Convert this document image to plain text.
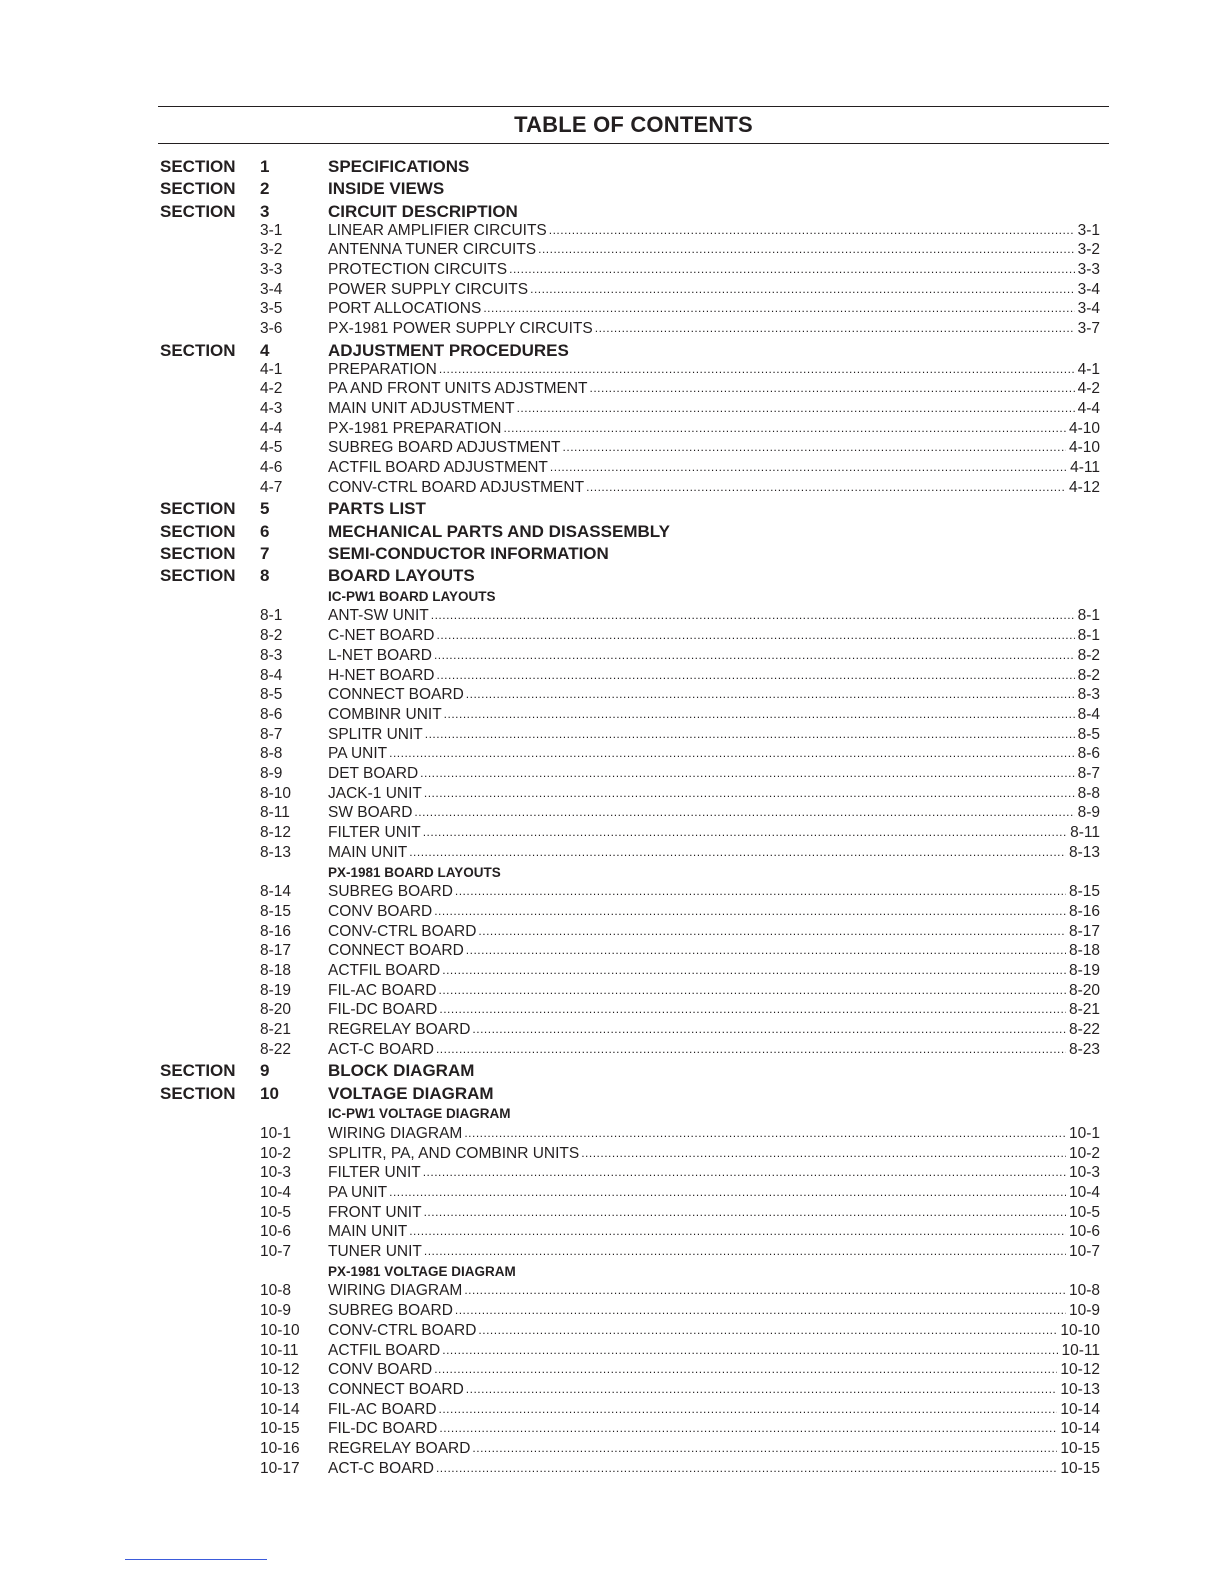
TABLE OF CONTENTS
SECTION 1	SPECIFICATIONS
SECTION 2	INSIDE VIEWS
SECTION 3	CIRCUIT DESCRIPTION
3-1	LINEAR AMPLIFIER CIRCUITS .....	3-1
3-2	ANTENNA TUNER CIRCUITS .....	3-2
3-3	PROTECTION CIRCUITS .....	3-3
3-4	POWER SUPPLY CIRCUITS .....	3-4
3-5	PORT ALLOCATIONS .....	3-4
3-6	PX-1981 POWER SUPPLY CIRCUITS .....	3-7
SECTION 4	ADJUSTMENT PROCEDURES
4-1	PREPARATION .....	4-1
4-2	PA AND FRONT UNITS ADJSTMENT .....	4-2
4-3	MAIN UNIT ADJUSTMENT .....	4-4
4-4	PX-1981 PREPARATION .....	4-10
4-5	SUBREG BOARD ADJUSTMENT .....	4-10
4-6	ACTFIL BOARD ADJUSTMENT .....	4-11
4-7	CONV-CTRL BOARD ADJUSTMENT .....	4-12
SECTION 5	PARTS LIST
SECTION 6	MECHANICAL PARTS AND DISASSEMBLY
SECTION 7	SEMI-CONDUCTOR INFORMATION
SECTION 8	BOARD LAYOUTS
IC-PW1 BOARD LAYOUTS
8-1	ANT-SW UNIT .....	8-1
8-2	C-NET BOARD .....	8-1
8-3	L-NET BOARD .....	8-2
8-4	H-NET BOARD .....	8-2
8-5	CONNECT BOARD .....	8-3
8-6	COMBINR UNIT .....	8-4
8-7	SPLITR UNIT .....	8-5
8-8	PA UNIT .....	8-6
8-9	DET BOARD .....	8-7
8-10 JACK-1 UNIT .....	8-8
8-11 SW BOARD .....	8-9
8-12 FILTER UNIT .....	8-11
8-13 MAIN UNIT .....	8-13
PX-1981 BOARD LAYOUTS
8-14 SUBREG BOARD .....	8-15
8-15 CONV BOARD .....	8-16
8-16 CONV-CTRL BOARD .....	8-17
8-17 CONNECT BOARD .....	8-18
8-18 ACTFIL BOARD .....	8-19
8-19 FIL-AC BOARD .....	8-20
8-20 FIL-DC BOARD .....	8-21
8-21 REGRELAY BOARD .....	8-22
8-22 ACT-C BOARD .....	8-23
SECTION 9	BLOCK DIAGRAM
SECTION 10	VOLTAGE DIAGRAM
IC-PW1 VOLTAGE DIAGRAM
10-1 WIRING DIAGRAM .....	10-1
10-2 SPLITR, PA, AND COMBINR UNITS .....	10-2
10-3 FILTER UNIT .....	10-3
10-4 PA UNIT .....	10-4
10-5 FRONT UNIT .....	10-5
10-6 MAIN UNIT .....	10-6
10-7 TUNER UNIT .....	10-7
PX-1981 VOLTAGE DIAGRAM
10-8 WIRING DIAGRAM .....	10-8
10-9 SUBREG BOARD .....	10-9
10-10 CONV-CTRL BOARD .....	10-10
10-11 ACTFIL BOARD .....	10-11
10-12 CONV BOARD .....	10-12
10-13 CONNECT BOARD .....	10-13
10-14 FIL-AC BOARD .....	10-14
10-15 FIL-DC BOARD .....	10-14
10-16 REGRELAY BOARD .....	10-15
10-17 ACT-C BOARD .....	10-15
